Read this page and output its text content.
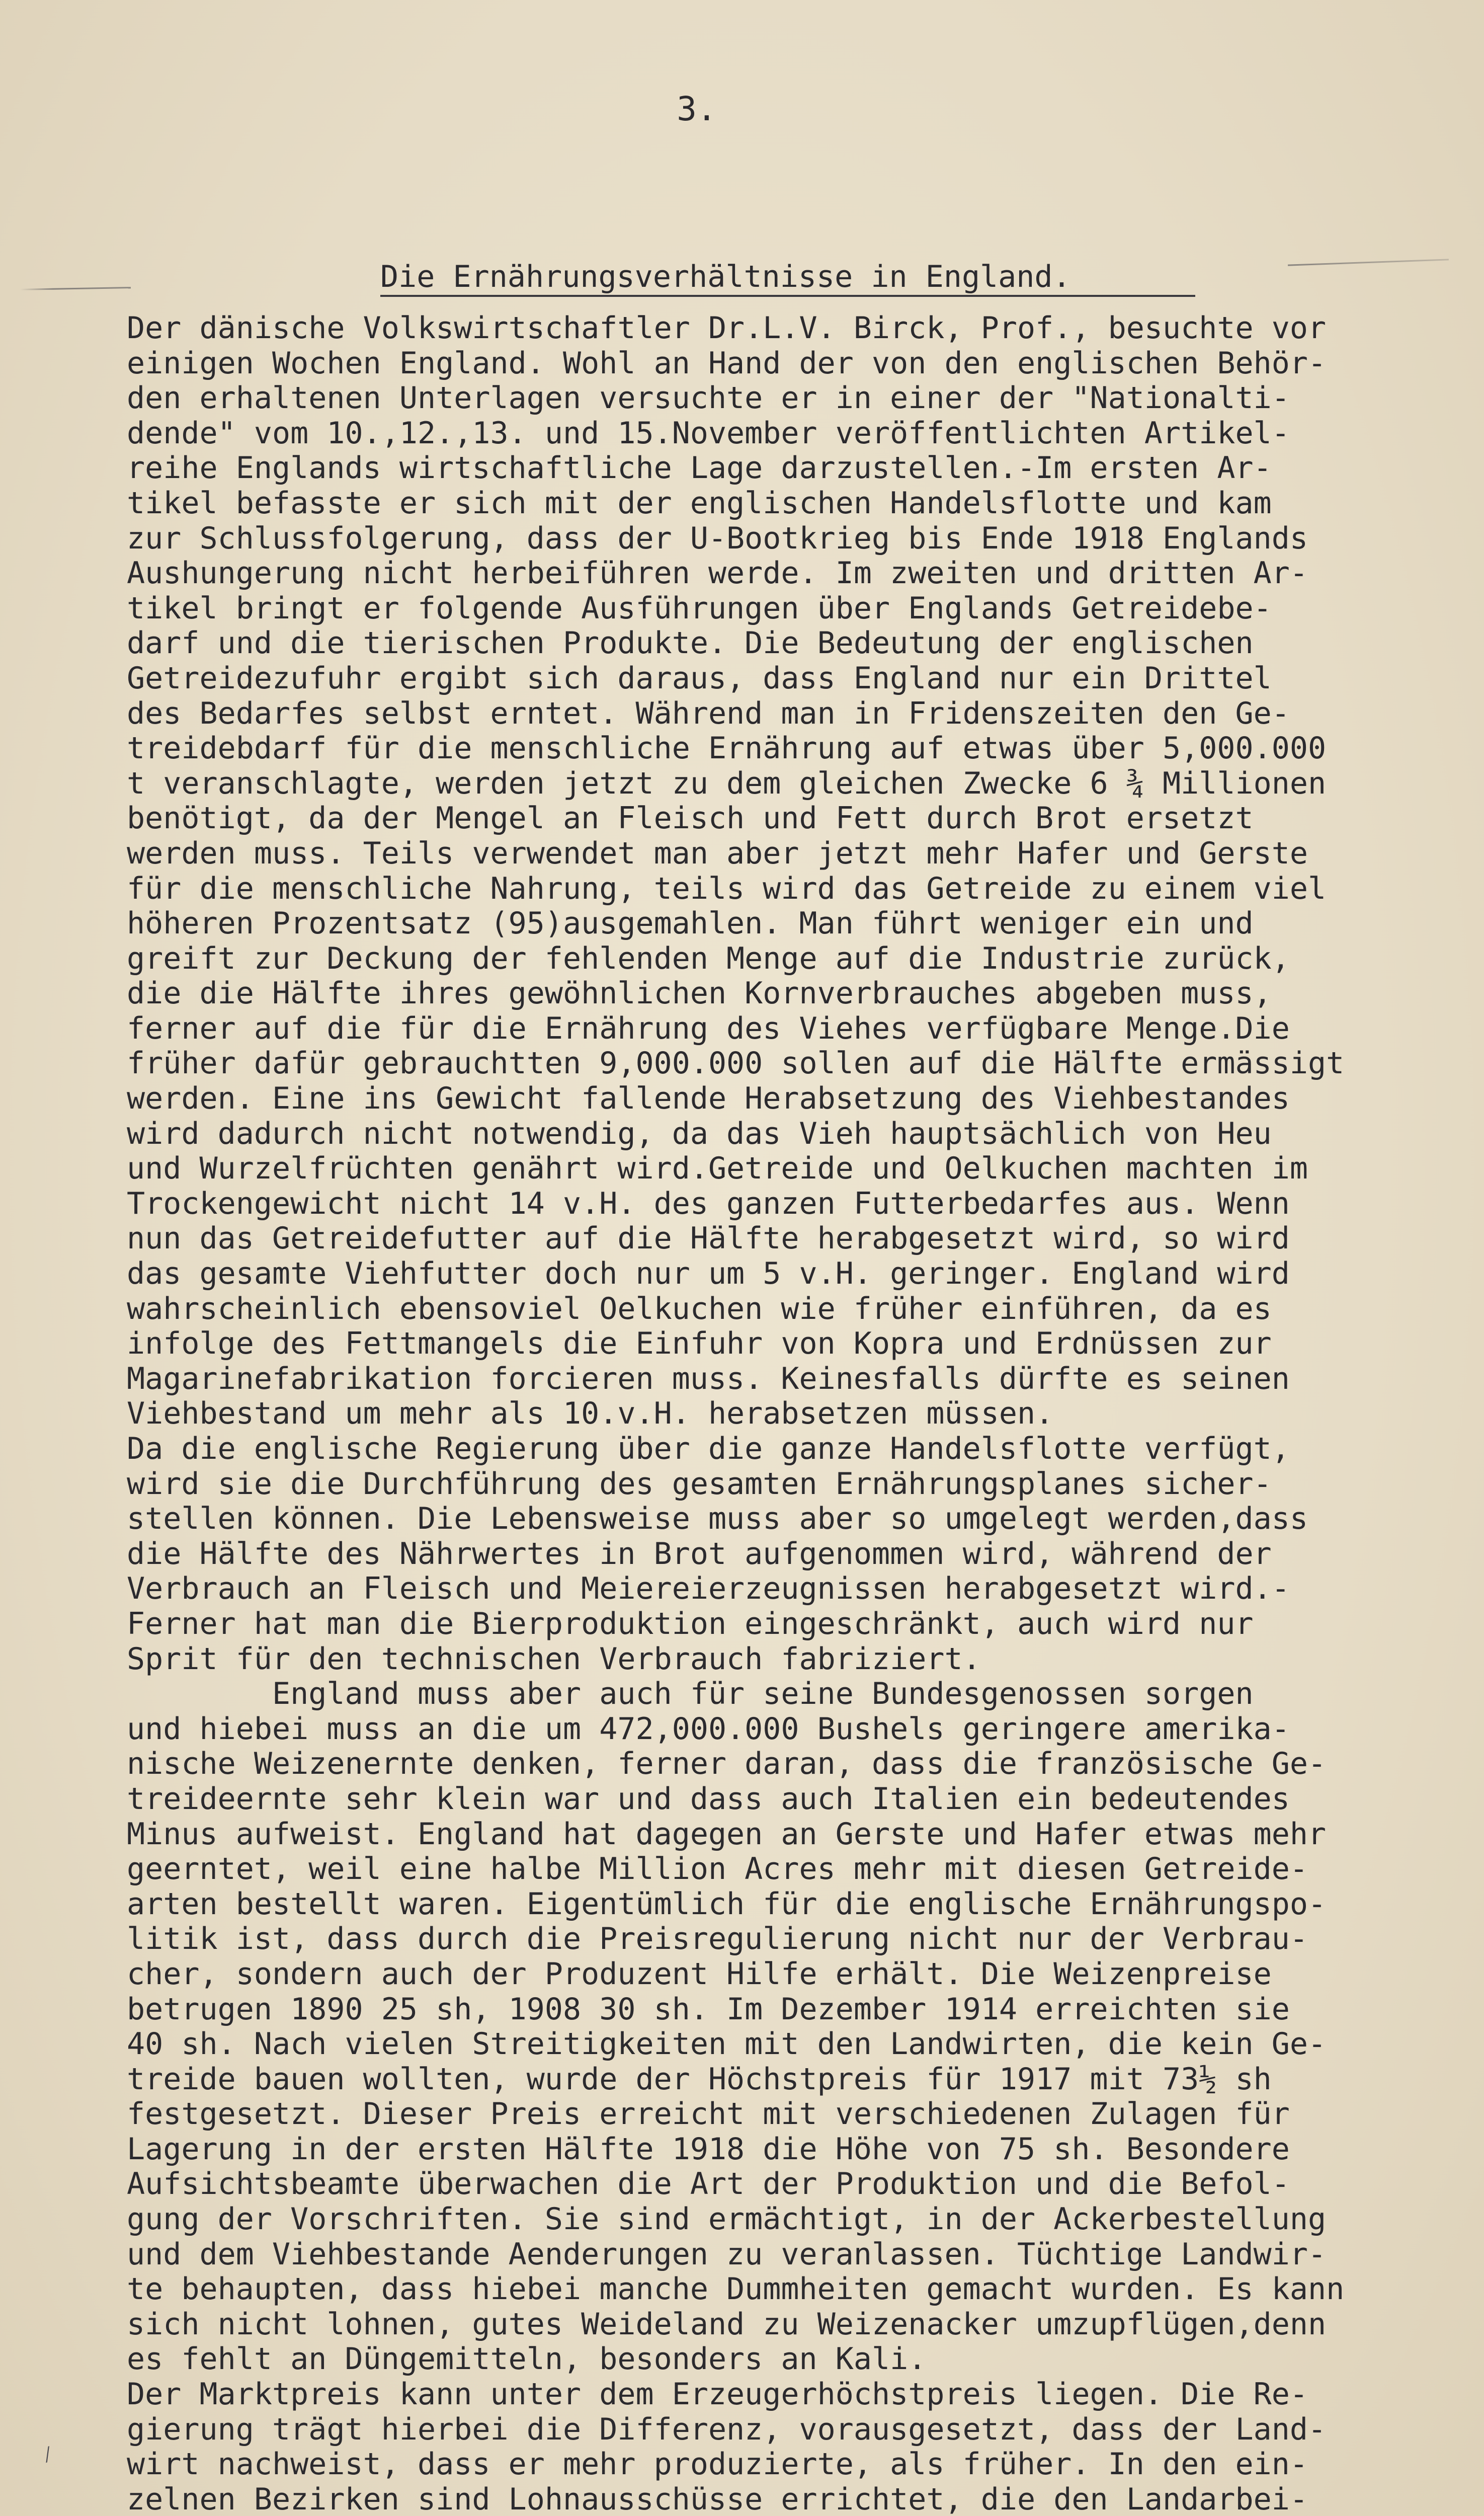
3.
Die Ernährungsverhältnisse in England.
Der dänische Volkswirtschaftler Dr.L.V. Birck, Prof., besuchte vor
einigen Wochen England. Wohl an Hand der von den englischen Behör-
den erhaltenen Unterlagen versuchte er in einer der "Nationalti-
dende" vom 10.,12.,13. und 15.November veröffentlichten Artikel-
reihe Englands wirtschaftliche Lage darzustellen.-Im ersten Ar-
tikel befasste er sich mit der englischen Handelsflotte und kam
zur Schlussfolgerung, dass der U-Bootkrieg bis Ende 1918 Englands
Aushungerung nicht herbeiführen werde. Im zweiten und dritten Ar-
tikel bringt er folgende Ausführungen über Englands Getreidebe-
darf und die tierischen Produkte. Die Bedeutung der englischen
Getreidezufuhr ergibt sich daraus, dass England nur ein Drittel
des Bedarfes selbst erntet. Während man in Fridenszeiten den Ge-
treidebdarf für die menschliche Ernährung auf etwas über 5,000.000
t veranschlagte, werden jetzt zu dem gleichen Zwecke 6 ¾ Millionen
benötigt, da der Mengel an Fleisch und Fett durch Brot ersetzt
werden muss. Teils verwendet man aber jetzt mehr Hafer und Gerste
für die menschliche Nahrung, teils wird das Getreide zu einem viel
höheren Prozentsatz (95)ausgemahlen. Man führt weniger ein und
greift zur Deckung der fehlenden Menge auf die Industrie zurück,
die die Hälfte ihres gewöhnlichen Kornverbrauches abgeben muss,
ferner auf die für die Ernährung des Viehes verfügbare Menge.Die
früher dafür gebrauchtten 9,000.000 sollen auf die Hälfte ermässigt
werden. Eine ins Gewicht fallende Herabsetzung des Viehbestandes
wird dadurch nicht notwendig, da das Vieh hauptsächlich von Heu
und Wurzelfrüchten genährt wird.Getreide und Oelkuchen machten im
Trockengewicht nicht 14 v.H. des ganzen Futterbedarfes aus. Wenn
nun das Getreidefutter auf die Hälfte herabgesetzt wird, so wird
das gesamte Viehfutter doch nur um 5 v.H. geringer. England wird
wahrscheinlich ebensoviel Oelkuchen wie früher einführen, da es
infolge des Fettmangels die Einfuhr von Kopra und Erdnüssen zur
Magarinefabrikation forcieren muss. Keinesfalls dürfte es seinen
Viehbestand um mehr als 10.v.H. herabsetzen müssen.
Da die englische Regierung über die ganze Handelsflotte verfügt,
wird sie die Durchführung des gesamten Ernährungsplanes sicher-
stellen können. Die Lebensweise muss aber so umgelegt werden,dass
die Hälfte des Nährwertes in Brot aufgenommen wird, während der
Verbrauch an Fleisch und Meiereierzeugnissen herabgesetzt wird.-
Ferner hat man die Bierproduktion eingeschränkt, auch wird nur
Sprit für den technischen Verbrauch fabriziert.
England muss aber auch für seine Bundesgenossen sorgen
und hiebei muss an die um 472,000.000 Bushels geringere amerika-
nische Weizenernte denken, ferner daran, dass die französische Ge-
treideernte sehr klein war und dass auch Italien ein bedeutendes
Minus aufweist. England hat dagegen an Gerste und Hafer etwas mehr
geerntet, weil eine halbe Million Acres mehr mit diesen Getreide-
arten bestellt waren. Eigentümlich für die englische Ernährungspo-
litik ist, dass durch die Preisregulierung nicht nur der Verbrau-
cher, sondern auch der Produzent Hilfe erhält. Die Weizenpreise
betrugen 1890 25 sh, 1908 30 sh. Im Dezember 1914 erreichten sie
40 sh. Nach vielen Streitigkeiten mit den Landwirten, die kein Ge-
treide bauen wollten, wurde der Höchstpreis für 1917 mit 73½ sh
festgesetzt. Dieser Preis erreicht mit verschiedenen Zulagen für
Lagerung in der ersten Hälfte 1918 die Höhe von 75 sh. Besondere
Aufsichtsbeamte überwachen die Art der Produktion und die Befol-
gung der Vorschriften. Sie sind ermächtigt, in der Ackerbestellung
und dem Viehbestande Aenderungen zu veranlassen. Tüchtige Landwir-
te behaupten, dass hiebei manche Dummheiten gemacht wurden. Es kann
sich nicht lohnen, gutes Weideland zu Weizenacker umzupflügen,denn
es fehlt an Düngemitteln, besonders an Kali.
Der Marktpreis kann unter dem Erzeugerhöchstpreis liegen. Die Re-
gierung trägt hierbei die Differenz, vorausgesetzt, dass der Land-
wirt nachweist, dass er mehr produzierte, als früher. In den ein-
zelnen Bezirken sind Lohnausschüsse errichtet, die den Landarbei-
⁄
